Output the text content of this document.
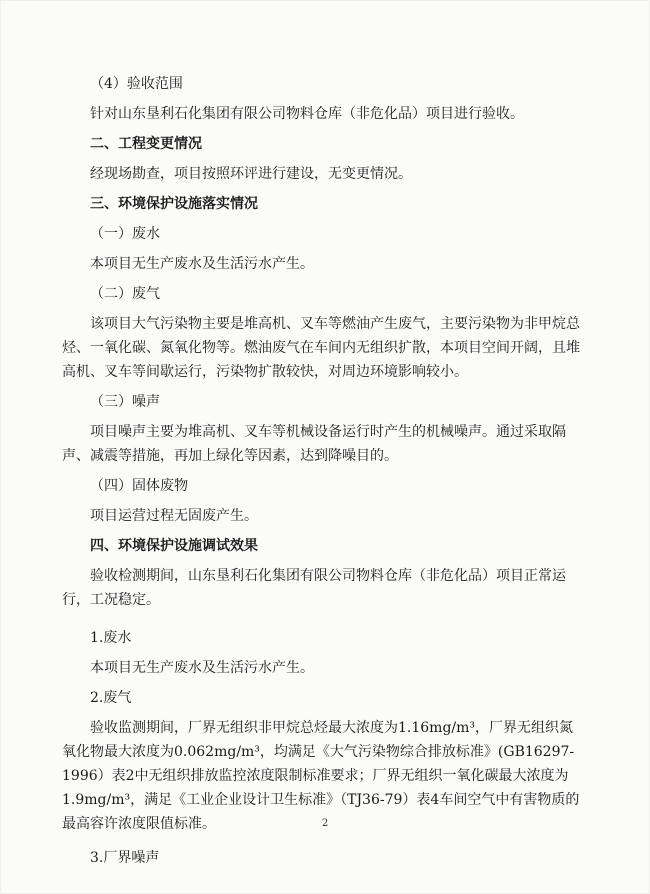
（4）验收范围

针对山东垦利石化集团有限公司物料仓库（非危化品）项目进行验收。

二、工程变更情况

经现场勘查，项目按照环评进行建设，无变更情况。

三、环境保护设施落实情况

（一）废水

本项目无生产废水及生活污水产生。

（二）废气

该项目大气污染物主要是堆高机、叉车等燃油产生废气，主要污染物为非甲烷总烃、一氧化碳、氮氧化物等。燃油废气在车间内无组织扩散，本项目空间开阔，且堆高机、叉车等间歇运行，污染物扩散较快，对周边环境影响较小。

（三）噪声

项目噪声主要为堆高机、叉车等机械设备运行时产生的机械噪声。通过采取隔声、减震等措施，再加上绿化等因素，达到降噪目的。

（四）固体废物

项目运营过程无固废产生。

四、环境保护设施调试效果

验收检测期间，山东垦利石化集团有限公司物料仓库（非危化品）项目正常运行，工况稳定。

1.废水

本项目无生产废水及生活污水产生。

2.废气

验收监测期间，厂界无组织非甲烷总烃最大浓度为1.16mg/m³，厂界无组织氮氧化物最大浓度为0.062mg/m³，均满足《大气污染物综合排放标准》(GB16297-1996）表2中无组织排放监控浓度限制标准要求；厂界无组织一氧化碳最大浓度为1.9mg/m³，满足《工业企业设计卫生标准》（TJ36-79）表4车间空气中有害物质的最高容许浓度限值标准。

3.厂界噪声

2
